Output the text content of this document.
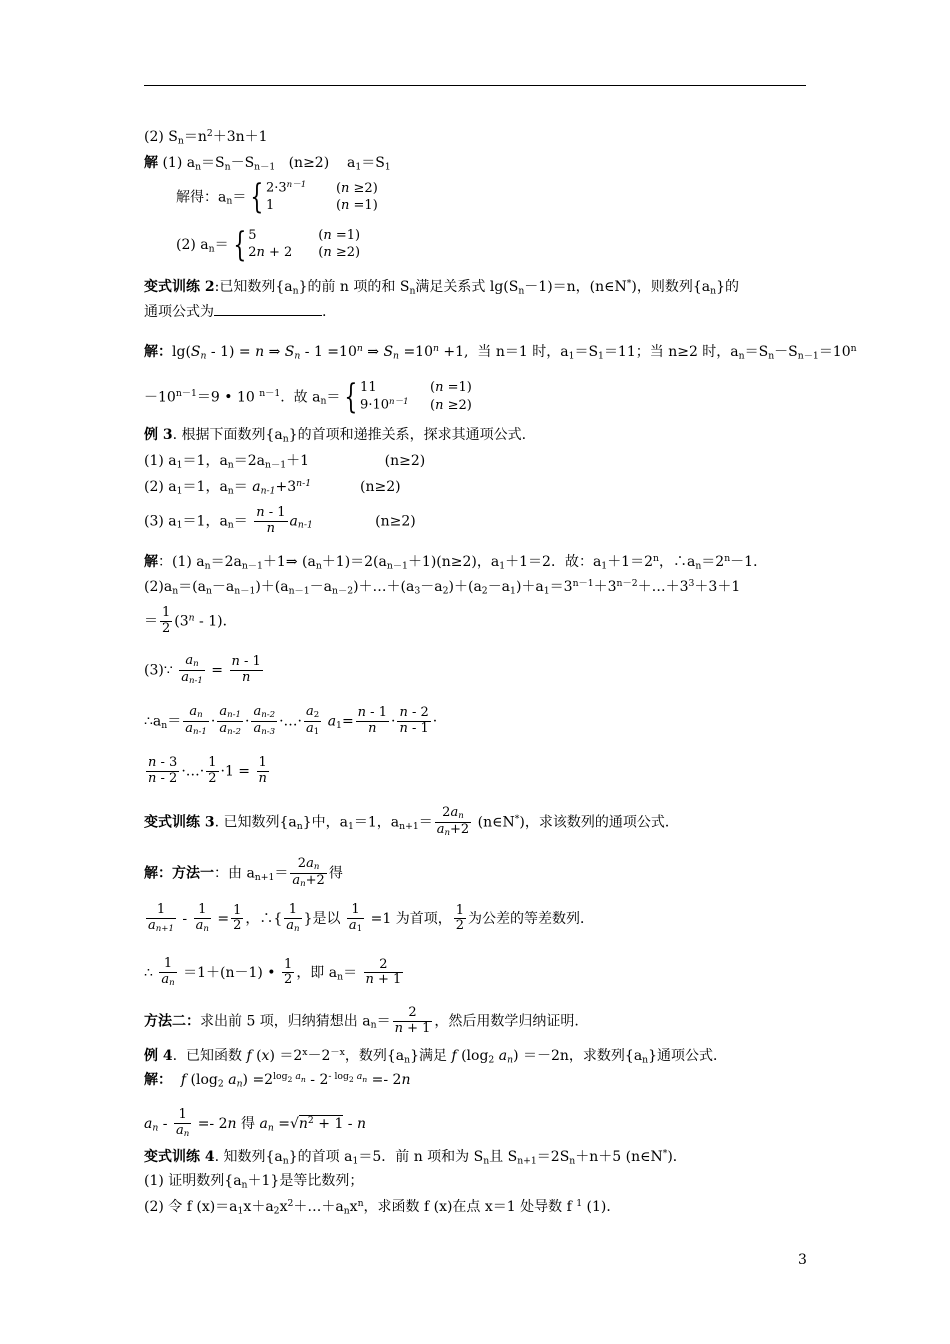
(2) $Sn=n^2+3n+1$
解 (1) an＝Sn－Sn－1   (n≥2)    a1＝S1
解得：an＝ { $2\cdot 3^{n-1}$ (n ≥2)
1	(n =1)
(2) an＝ { 5	(n =1)
2n + 2 (n ≥2)
变式训练 2:已知数列{an}的前 n 项的和 Sn满足关系式 lg(Sn－1)＝n，(n∈N*)，则数列{an}的
通项公式为	.
解：lg(Sn - 1) = n ⇒ $Sn - 1 =10^n$ ⇒ $Sn =10^n +1$,  当 n＝1 时，a1＝S1＝11；当 n≥2 时，$an=Sn-Sn-1=10^n$
$-10^{n-1}=9$ • 10 $^{n-1}$.  故 an＝ { 11	(n =1)
$9\cdot 10^{n-1}$ (n ≥2)
例 3. 根据下面数列{an}的首项和递推关系，探求其通项公式.
(1) a1＝1，an＝2an－1＋1                 (n≥2)
(2) a1＝1，$an= an-1+3^{n-1}$           (n≥2)
(3) a1＝1，$an= \frac{n - 1}{n} an-1$              (n≥2)
解：(1) an＝2an－1＋1⇒ (an＋1)＝2(an－1＋1)(n≥2)，a1＋1＝2．故：$a1+1=2^n$，$\therefore an=2^n-1$．
$(2)an=(an-an-1)+(an-1-an-2)+\dots+(a3-a2)+(a2-a1)+a1=3^{n-1}+3^{n-2}+\dots+3^3+3+1$
＝ $\frac{1}{2} (3^n - 1)$．
(3)∵ $\frac{an}{an-1} = \frac{n - 1}{n}$
∴an＝ $\frac{an}{an-1} \cdot \frac{an-1}{an-2} \cdot \frac{an-2}{an-3}$ ·…· $\frac{a2}{a1} a1= \frac{n - 1}{n} \cdot \frac{n - 2}{n - 1}$ ·
$\frac{n - 3}{n - 2}$ ·…· $\frac{1}{2} \cdot 1 = \frac{1}{n}$
变式训练 3. 已知数列{an}中，a1＝1，$an+1= \frac{2an}{an+2}$ (n∈N*)，求该数列的通项公式．
解：方法一：由 $an+1= \frac{2an}{an+2}$ 得
$\frac{1}{an+1} - \frac{1}{an} = \frac{1}{2}$ ，∴{ $\frac{1}{an}$ }是以 $\frac{1}{a1} =1$ 为首项， $\frac{1}{2}$ 为公差的等差数列．
∴ $\frac{1}{an} =1+(n-1)$ • $\frac{1}{2}$ ，即 $an= \frac{2}{n + 1}$
方法二：求出前 5 项，归纳猜想出 $an= \frac{2}{n + 1}$ ，然后用数学归纳证明.
例 4.  已知函数 f $(x) =2^x-2^{-x}$，数列{an}满足 f (log2 an) ＝－2n，求数列{an}通项公式．
解： f (log2 $an) =2^{log_2 a_n} - 2^{- log_2 a_n} =- 2n$
an - $\frac{1}{an} =- 2n$ 得 an $=√n^2 + 1 - n$
变式训练 4. 知数列{an}的首项 a1＝5．前 n 项和为 Sn且 Sn+1＝2Sn＋n＋5 (n∈N*)．
(1) 证明数列{an＋1}是等比数列；
(2) 令 f $(x)=a1x+a2x^2+\dots+anx^n$，求函数 f (x)在点 x＝1 处导数 f $^1$ (1)．
3
